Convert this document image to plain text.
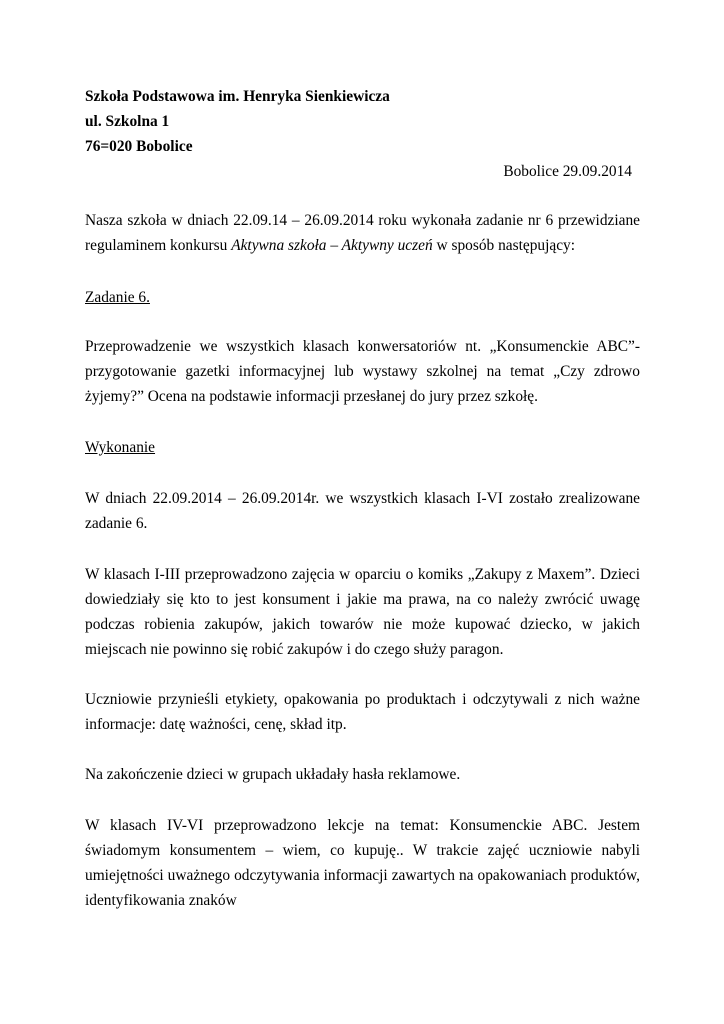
Szkoła Podstawowa im. Henryka Sienkiewicza

ul. Szkolna 1

76=020 Bobolice

Bobolice 29.09.2014

Nasza szkoła w dniach 22.09.14 – 26.09.2014 roku wykonała zadanie nr 6 przewidziane regulaminem konkursu Aktywna szkoła – Aktywny uczeń w sposób następujący:

Zadanie 6.

Przeprowadzenie we wszystkich klasach konwersatoriów nt. „Konsumenckie ABC”- przygotowanie gazetki informacyjnej lub wystawy szkolnej na temat „Czy zdrowo żyjemy?” Ocena na podstawie informacji przesłanej do jury przez szkołę.

Wykonanie

W dniach 22.09.2014 – 26.09.2014r. we wszystkich klasach I-VI zostało zrealizowane zadanie 6.

W klasach I-III przeprowadzono zajęcia w oparciu o komiks „Zakupy z Maxem”. Dzieci dowiedziały się kto to jest konsument i jakie ma prawa, na co należy zwrócić uwagę podczas robienia zakupów, jakich towarów nie może kupować dziecko, w jakich miejscach nie powinno się robić zakupów i do czego służy paragon.

Uczniowie przynieśli etykiety, opakowania po produktach i odczytywali z nich ważne informacje: datę ważności, cenę, skład itp.

Na zakończenie dzieci w grupach układały hasła reklamowe.

W klasach IV-VI przeprowadzono lekcje na temat: Konsumenckie ABC. Jestem świadomym konsumentem – wiem, co kupuję.. W trakcie zajęć uczniowie nabyli umiejętności uważnego odczytywania informacji zawartych na opakowaniach produktów, identyfikowania znaków
